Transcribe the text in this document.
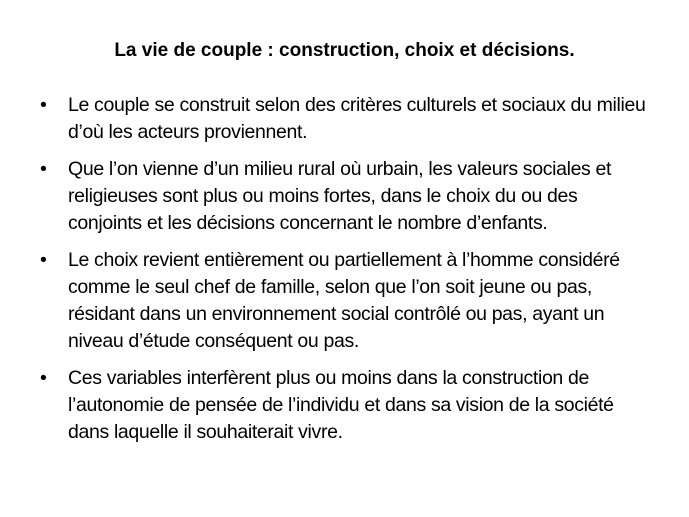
La vie de couple : construction, choix et décisions.
• Le couple se construit selon des critères culturels et sociaux du milieu d’où les acteurs proviennent.
• Que l’on vienne d’un milieu rural où urbain, les valeurs sociales et religieuses sont plus ou moins fortes, dans le choix du ou des conjoints et les décisions concernant le nombre d’enfants.
• Le choix revient entièrement ou partiellement à l’homme considéré comme le seul chef de famille, selon que l’on soit jeune ou pas, résidant dans un environnement social contrôlé ou pas, ayant un niveau d’étude conséquent ou pas.
• Ces variables interfèrent plus ou moins dans la construction de l’autonomie de pensée de l’individu et dans sa vision de la société dans laquelle il souhaiterait vivre.
